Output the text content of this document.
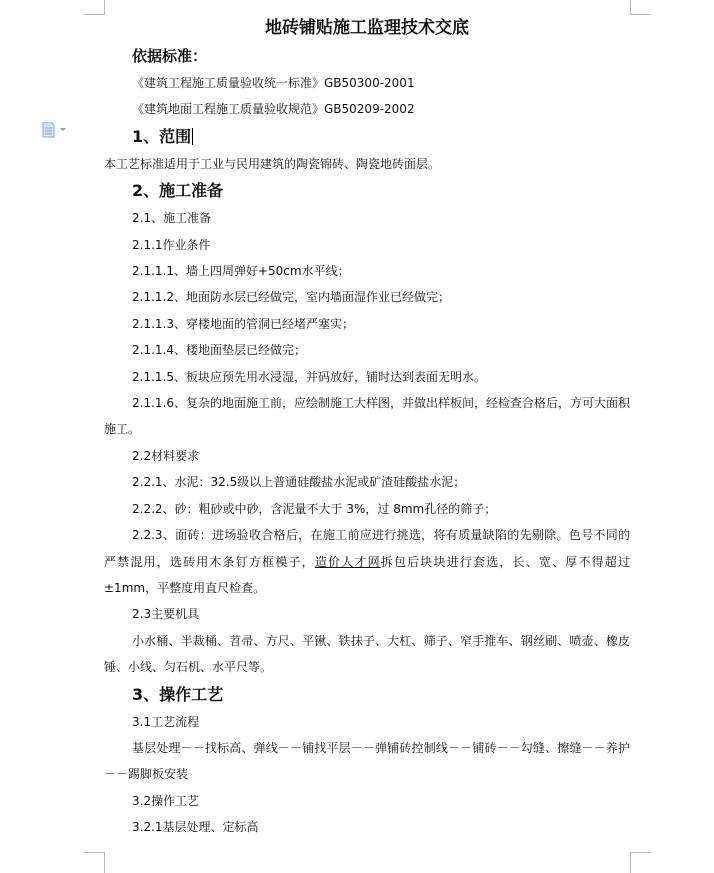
地砖铺贴施工监理技术交底
依据标准：
《建筑工程施工质量验收统一标准》GB50300-2001
《建筑地面工程施工质量验收规范》GB50209-2002
1、范围
本工艺标准适用于工业与民用建筑的陶瓷锦砖、陶瓷地砖面层。
2、施工准备
2.1、施工准备
2.1.1作业条件
2.1.1.1、墙上四周弹好+50cm水平线；
2.1.1.2、地面防水层已经做完，室内墙面湿作业已经做完；
2.1.1.3、穿楼地面的管洞已经堵严塞实；
2.1.1.4、楼地面垫层已经做完；
2.1.1.5、板块应预先用水浸湿，并码放好，铺时达到表面无明水。
2.1.1.6、复杂的地面施工前，应绘制施工大样图，并做出样板间，经检查合格后，方可大面积施工。
2.2材料要求
2.2.1、水泥：32.5级以上普通硅酸盐水泥或矿渣硅酸盐水泥；
2.2.2、砂：粗砂或中砂，含泥量不大于 3%，过 8mm孔径的筛子；
2.2.3、面砖：进场验收合格后，在施工前应进行挑选，将有质量缺陷的先剔除。色号不同的严禁混用，选砖用木条钉方框模子，造价人才网拆包后块块进行套选，长、宽、厚不得超过±1mm，平整度用直尺检查。
2.3主要机具
小水桶、半裁桶、苕帚、方尺、平锹、铁抹子、大杠、筛子、窄手推车、钢丝刷、喷壶、橡皮锤、小线、匀石机、水平尺等。
3、操作工艺
3.1工艺流程
基层处理－－找标高、弹线－－铺找平层－－弹铺砖控制线－－铺砖－－勾缝、擦缝－－养护－－踢脚板安装
3.2操作工艺
3.2.1基层处理、定标高
